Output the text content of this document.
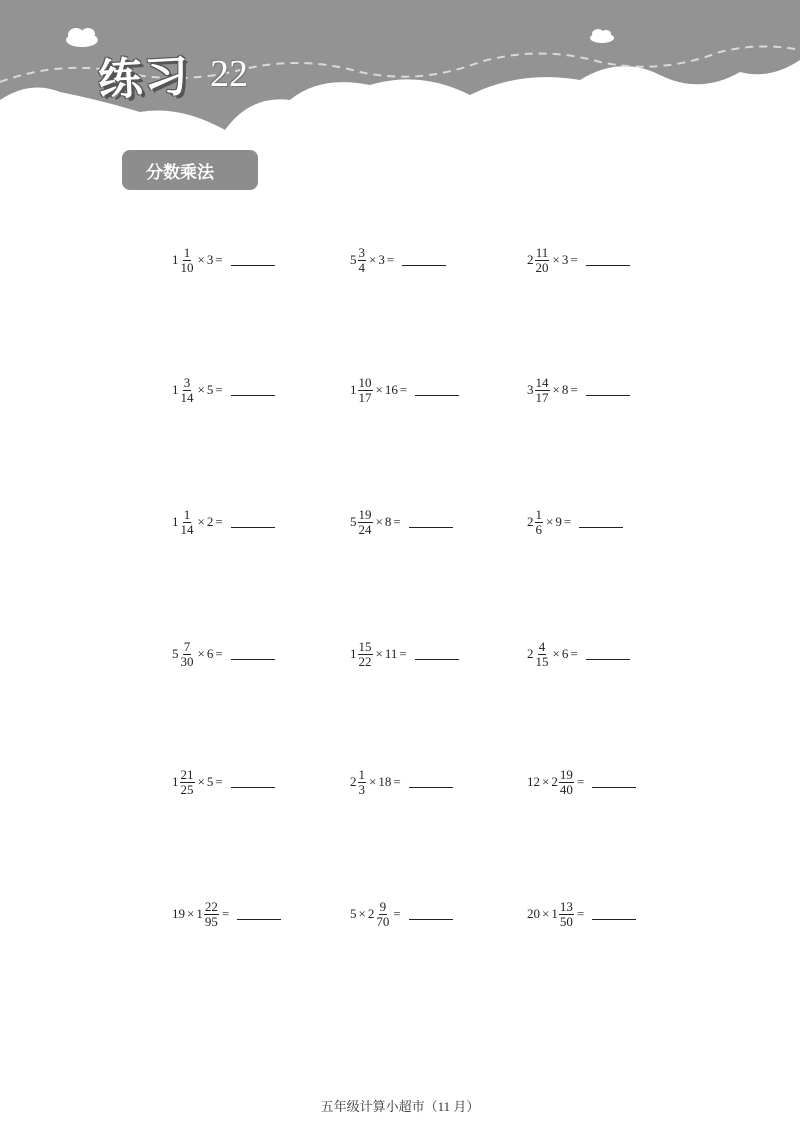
练习 22
分数乘法
$1 \frac{1}{10} \times 3$ =	$5 \frac{3}{4} \times 3$ =	$2 \frac{11}{20} \times 3$ =
$1 \frac{3}{14} \times 5$ =	$1 \frac{10}{17} \times 16$ =	$3 \frac{14}{17} \times 8$ =
$1 \frac{1}{14} \times 2$ =	$5 \frac{19}{24} \times 8$ =	$2 \frac{1}{6} \times 9$ =
$5 \frac{7}{30} \times 6$ =	$1 \frac{15}{22} \times 11$ =	$2 \frac{4}{15} \times 6$ =
$1 \frac{21}{25} \times 5$ =	$2 \frac{1}{3} \times 18$ =	$12 \times 2 \frac{19}{40}$ =
$19 \times 1 \frac{22}{95}$ =	$5 \times 2 \frac{9}{70}$ =	$20 \times 1 \frac{13}{50}$ =
五年级计算小超市（11 月）
